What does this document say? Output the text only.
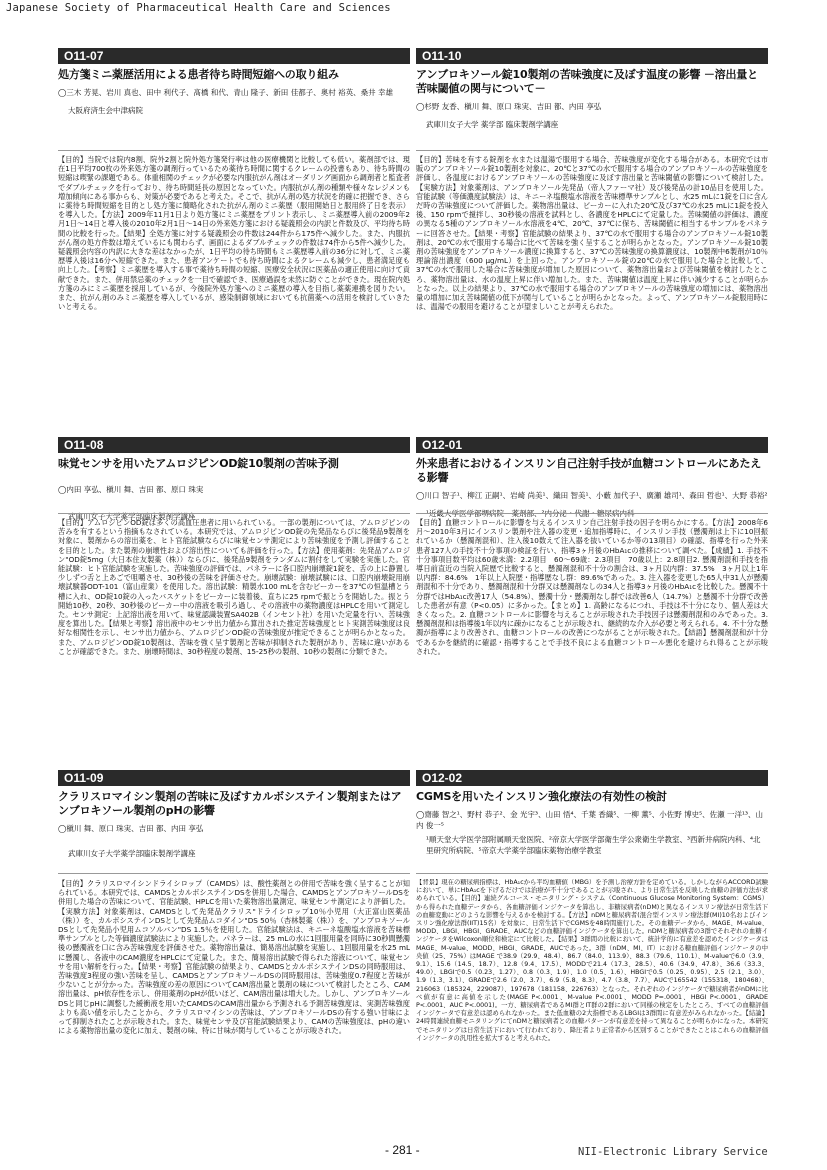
Japanese Society of Pharmaceutical Health Care and Sciences
O11-07
処方箋ミニ薬歴活用による患者待ち時間短縮への取り組み
◯三木 芳晃、岩川 真也、田中 利代子、髙橋 和代、青山 隆子、新田 佳都子、奥村 裕英、桑井 幸雄
大阪府済生会中津病院

【目的】当院では院内8割、院外2割と院外処方箋発行率は他の医療機関と比較しても低い。薬剤部では、現在1日平均700枚の外来処方箋の調剤行っているため薬待ち時間に関するクレームの投書もあり、待ち時間の短縮は喫緊の課題である。体重相関のチェックが必要な内服抗がん剤はオーダリング画面から調剤者と監査者でダブルチェックを行っており、待ち時間延長の原因となっていた。内服抗がん剤の種類や様々なレジメンも増加傾向にある事からも、対策が必要であると考えた。そこで、抗がん剤の処方状況を的確に把握でき、さらに薬待ち時間短縮を目的とし処方箋に簡略化された抗がん剤のミニ薬歴（服用開始日と服用終了日を表示）を導入した。【方法】2009年11月1日より処方箋にミニ薬歴をプリント表示し、ミニ薬歴導入前の2009年2月1日〜14日と導入後の2010年2月1日〜14日の外来処方箋における疑義照会の内訳と件数及び、平均待ち時間の比較を行った。【結果】全処方箋に対する疑義照会の件数は244件から175件へ減少した。また、内服抗がん剤の処方件数は増えているにも関わらず、画面によるダブルチェックの件数は74件から5件へ減少した。疑義照会内容の内訳に大きな差はなかったが、1日平均の待ち時間もミニ薬歴導入前の36分に対して、ミニ薬歴導入後は16分へ短縮できた。また、患者アンケートでも待ち時間によるクレームも減少し、患者満足度も向上した。【考察】ミニ薬歴を導入する事で薬待ち時間の短縮、医療安全状況に医薬品の適正使用に向けて貢献できた。また、併用禁忌薬のチェックを一目で確認でき、医療過誤を未然に防ぐことができた。現在院内処方箋のみにミニ薬歴を採用しているが、今後院外処方箋へのミニ薬歴の導入を目指し薬薬連携を図りたい。また、抗がん剤のみミニ薬歴を導入しているが、感染制御領域においても抗菌薬への活用を検討していきたいと考える。

O11-10
アンブロキソール錠10製剤の苦味強度に及ぼす温度の影響 －溶出量と苦味閾値の関与について－
◯杉野 友香、槇川 舞、原口 珠実、吉田 都、内田 享弘
武庫川女子大学 薬学部 臨床製剤学講座

【目的】苦味を有する錠剤を水または温湯で服用する場合、苦味強度が変化する場合がある。本研究では市販のアンブロキソール錠10製剤を対象に、20℃と37℃の水で服用する場合のアンブロキソールの苦味強度を評価し、各温度におけるアンブロキソールの苦味強度に及ぼす溶出量と苦味閾値の影響について検討した。【実験方法】対象薬剤は、アンブロキソール先発品（帝人ファーマ社）及び後発品の計10品目を使用した。官能試験（等価濃度試験法）は、キニーネ塩酸塩水溶液を苦味標準サンプルとし、水25 mLに1錠を口に含んだ時の苦味強度について評価した。薬物溶出量は、ビーカーに入れた20℃及び37℃の水25 mLに1錠を投入後、150 rpmで撹拌し、30秒後の溶液を試料とし、各濃度をHPLCにて定量した。苦味閾値の評価は、濃度の異なる5種のアンブロキソール水溶液を4℃、20℃、37℃に保ち、苦味閾値に相当するサンプルをパネラーに回答させた。【結果・考察】官能試験の結果より、37℃の水で服用する場合のアンブロキソール錠10製剤は、20℃の水で服用する場合に比べて苦味を強く呈することが明らかとなった。アンブロキソール錠10製剤の苦味強度をアンブロキソール濃度に換算すると、37℃の苦味強度の換算濃度は、10製剤中6製剤が10％理論溶出濃度（600 μg/mL）を上回った。アンブロキソール錠の20℃の水で服用した場合と比較して、37℃の水で服用した場合に苦味強度が増加した原因について、薬物溶出量および苦味閾値を検討したところ、薬物溶出量は、水の温度上昇に伴い増加した。また、苦味閾値は温度上昇に伴い減少することが明らかとなった。以上の結果より、37℃の水で服用する場合のアンブロキソールの苦味強度の増加には、薬物溶出量の増加に加え苦味閾値の低下が関与していることが明らかとなった。よって、アンブロキソール錠服用時には、温湯での服用を避けることが望ましいことが考えられた。

O11-08
味覚センサを用いたアムロジピンOD錠10製剤の苦味予測
◯内田 享弘、槇川 舞、吉田 都、原口 珠実
武庫川女子大学薬学部臨床製剤学講座

【目的】アムロジピンOD錠は多くの高血圧患者に用いられている。一部の製剤については、アムロジピンの苦みを有するという指摘もなされている。本研究では、アムロジピンOD錠の先発品ならびに後発品9製剤を対象に、製剤からの溶出薬を、ヒト官能試験ならびに味覚センサ測定により苦味強度を予測し評価することを目的とした。また製剤の崩壊性および溶出性についても評価を行った。【方法】使用薬剤：先発品アムロジン"OD錠5mg（大日本住友製薬（株））ならびに、後発品9製剤をランダムに割付をして実験を実施した。官能試験：ヒト官能試験を実施した。苦味強度の評価では、パネラーに各口腔内崩壊錠1錠を、舌の上に静置し少しずつ舌と上あごで咀嚼させ、30秒後の苦味を評価させた。崩壊試験：崩壊試験には、口腔内崩壊錠用崩壊試験器ODT-101（富山産業）を使用した。溶出試験：精製水100 mLを含むビーカーを37℃の恒温槽とう槽に入れ、OD錠10錠の入ったバスケットをビーカーに装着後、直ちに25 rpmで振とうを開始した。振とう開始10秒、20秒、30秒後のビーカー中の溶液を吸引ろ過し、その溶液中の薬物濃度はHPLCを用いて測定した。センサ測定：上記溶出液を用いて、味覚認識装置SA402B（インセント社）を用いた定量を行い、苦味強度を算出した。【結果と考察】溶出液中のセンサ出力値から算出された推定苦味強度とヒト実測苦味強度は良好な相関性を示し、センサ出力値から、アムロジピンOD錠の苦味強度が推定できることが明らかとなった。また、アムロジピンOD錠10製剤は、苦味を強く呈す製剤と苦味が抑制された製剤があり、苦味に違いがあることが確認できた。また、崩壊時間は、30秒程度の製剤、15-25秒の製剤、10秒の製剤に分類できた。

O12-01
外来患者におけるインスリン自己注射手技が血糖コントロールにあたえる影響
◯川口 智子¹、柳江 正嗣¹、岩崎 尚美¹、織田 智美¹、小藪 加代子¹、廣瀬 雄司¹、森田 哲也¹、大野 恭裕²
¹近畿大学医学部堺病院　薬剤部、²内分泌・代謝・糖尿病内科

【目的】血糖コントロールに影響を与えるインスリン自己注射手技の因子を明らかにする。【方法】2008年6月〜2010年3月にインスリン製剤や注入器の変更・追加指導時に、インスリン手技（懸濁剤は上下に10回振れているか（懸濁剤混和）、注入後10数えて注入器を抜いているか等の13項目）の確認、指導を行った外来患者127人の手技不十分事項の検証を行い、指導3ヶ月後のHbA₁cの推移について調べた。【成績】1. 手技不十分事項目数平均は60歳未満：2.2項目　60〜69歳：2.3項目　70歳以上：2.8項目2. 懸濁剤混和手技を指導日前直近の当院入院歴で比較すると、懸濁剤混和不十分の割合は、3ヶ月以内群：37.5%　3ヶ月以上1年以内群：84.6%　1年以上入院歴・指導歴なし群：89.6%であった。3. 注入器を変更した65人中31人が懸濁剤混和不十分であり、懸濁剤混和十分群又は懸濁剤なしの34人と指導3ヶ月後のHbA₁cを比較した。懸濁不十分群ではHbA₁c改善17人（54.8%）、懸濁十分・懸濁剤なし群では改善6人（14.7%）と懸濁不十分群で改善した患者が有意（P<0.05）に多かった。【まとめ】1. 高齢になるにつれ、手技は不十分になり、個人差は大きくなった。2. 血糖コントロールに影響を与えることが示唆された手技因子は懸濁剤混和のみであった。3. 懸濁剤混和は指導後1年以内に疎かになることが示唆され、継続的な介入が必要と考えられる。4. 不十分な懸濁が指導により改善され、血糖コントロールの改善につながることが示唆された。【結語】懸濁剤混和が十分であるかを継続的に確認・指導することで手技不良による血糖コントロール悪化を避けられ得ることが示唆された。

O11-09
クラリスロマイシン製剤の苦味に及ぼすカルボシステイン製剤またはアンブロキソール製剤のpHの影響
◯槇川 舞、原口 珠実、吉田 都、内田 享弘
武庫川女子大学薬学部臨床製剤学講座

【目的】クラリスロマイシンドライシロップ（CAMDS）は、酸性薬剤との併用で苦味を強く呈することが知られている。本研究では、CAMDSとカルボシステインDSを併用した場合、CAMDSとアンブロキソールDSを併用した場合の苦味について、官能試験、HPLCを用いた薬物溶出量測定、味覚センサ測定により評価した。【実験方法】対象薬剤は、CAMDSとして先発品クラリス"ドライシロップ10％小児用（大正富山医薬品（株））を、カルボシステインDSとして先発品ムコダイン"DS 50％（杏林製薬（株））を、アンブロキソールDSとして先発品小児用ムコソルバン"DS 1.5％を使用した。官能試験法は、キニーネ塩酸塩水溶液を苦味標準サンプルとした等価濃度試験法により実施した。パネラーは、25 mLの水に1回服用量を同時に30秒間懸濁後の懸濁液を口に含み苦味強度を評価させた。薬物溶出量は、簡易溶出試験を実施し、1回服用量を水25 mLに懸濁し、各液中のCAM濃度をHPLCにて定量した。また、簡易溶出試験で得られた溶液について、味覚センサを用い解析を行った。【結果・考察】官能試験の結果より、CAMDSとカルボシステインDSの同時服用は、苦味強度3程度の強い苦味を呈し、CAMDSとアンブロキソールDSの同時服用は、苦味強度0.7程度と苦味が少ないことが分かった。苦味強度の差の原因についてCAM溶出量と製剤の味について検討したところ、CAM溶出量は、pH依存性を示し、併用薬剤のpHが低いほど、CAM溶出量は増大した。しかし、アンブロキソールDSと同じpHに調整した緩衝液を用いたCAMDSのCAM溶出量から予測される予測苦味強度は、実測苦味強度よりも高い値を示したことから、クラリスロマイシンの苦味は、アンブロキソールDSの有する強い甘味によって抑制されたことが示唆された。また、味覚センサ及び官能試験結果より、CAMの苦味強度は、pHの違いによる薬物溶出量の変化に加え、製剤の味、特に甘味が関与していることが示唆された。

O12-02
CGMSを用いたインスリン強化療法の有効性の検討
◯齋藤 智之¹、野村 恭子²、金 光宇³、山田 悟⁴、千葉 香織⁵、一柳 薫⁵、小佐野 博史⁵、佐瀬 一洋¹³、山内 俊一⁵
¹順天堂大学医学部附属順天堂医院、²帝京大学医学部衛生学公衆衛生学教室、³西新井病院内科、⁴北里研究所病院、⁵帝京大学薬学部臨床薬物治療学教室

【背景】現在の糖尿病指標は、HbA₁cから平均血糖値（MBG）を予測し治療方針を定めている。しかしながらACCORD試験において、単にHbA₁cを下げるだけでは治療が不十分であることが示唆され、より日常生活を反映した血糖の評価方法が求められている。【目的】連続グルコース・モニタリング・システム（Continuous Glucose Monitoring System：CGMS）から得られた血糖データから、各血糖評価インジケータを算出し、非糖尿病者(nDM)と異なるインスリン療法が日常生活下の血糖変動にどのような影響を与えるかを検討する。【方法】nDMと糖尿病者(混合型インスリン療法群(MI)10名およびインスリン強化療法群(IIT)15名）を対象に、日常生活下でCGMSを48時間施行した。その血糖データから、MAGE、M-value、MODD、LBGI、HBGI、GRADE、AUCなどの血糖評価インジケータを算出した。nDMと糖尿病者の3群でそれぞれの血糖インジケータをWilcoxon順位和検定にて比較した。【結果】3群間の比較において、統計学的に有意差を認めたインジケータはMAGE、M-value、MODD、HBGI、GRADE、AUCであった。3群（nDM、MI、IT）における糖血糖評価インジケータの中央値（25、75%）はMAGE で38.9（29.9、48.4）、86.7（84.0、113.9）、88.3（79.6、110.1）、M-valueで6.0（3.9、9.1）、15.6（14.5、18.7）、12.8（9.4、17.5）、MODDで21.4（17.3、28.5）、40.6（34.9、47.8）、36.6（33.3、49.0）、LBGIで0.5（0.23、1.27）、0.8（0.3、1.9）、1.0（0.5、1.6）、HBGIで0.5（0.25、0.95）、2.5（2.1、3.0）、1.9（1.3、3.1）、GRADEで2.6（2.0、3.7）、6.9（5.8、8.3）、4.7（3.8、7.7）、AUCで165542（155318、180468）、216063（185324、229087）、197678（181158、226763）となった。それぞれのインジケータで糖尿病者がnDMに比べ値が有意に高値を示した(MAGE P<.0001、M-value P<.0001、MODD P=.0001、HBGI P<.0001、GRADE P<.0001、AUC P<.0001)。一方、糖尿病者であるMI群とIT群の2群において同様の検定をしたところ、すべての血糖評価インジケータで有意差は認められなかった。また低血糖の2大指標であるLBGIは3群間に有意差がみられなかった。【結論】24時間連続血糖モニタリングにてnDMと糖尿病者との血糖パターンが有意差を持って異なることが明らかになった。本研究でモニタリングは日常生活下において行われており、降圧者より正常者から区別することができたことはこれらの血糖評価インジケータの汎用性を拡大すると考えられた。

- 281 -	NII-Electronic Library Service
